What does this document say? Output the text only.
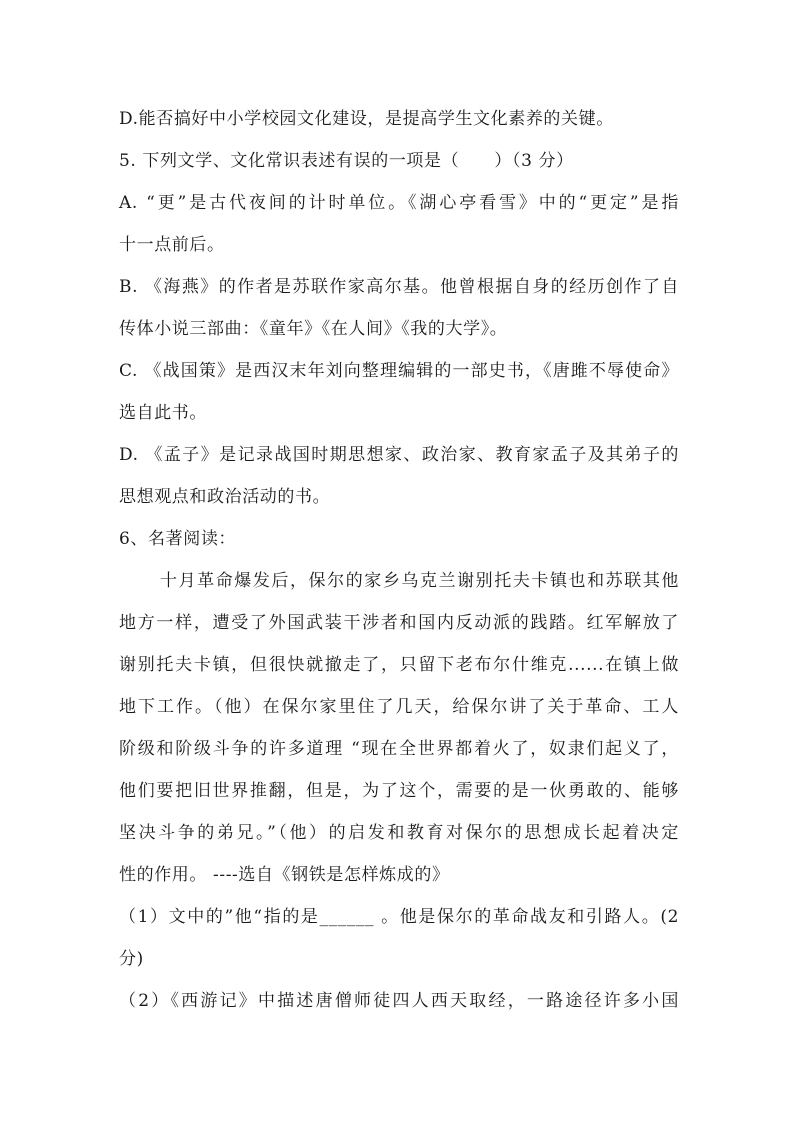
D.能否搞好中小学校园文化建设，是提高学生文化素养的关键。
5. 下列文学、文化常识表述有误的一项是（　　）（3 分）
A. “更”是古代夜间的计时单位。《湖心亭看雪》中的“更定”是指
十一点前后。
B. 《海燕》的作者是苏联作家高尔基。他曾根据自身的经历创作了自
传体小说三部曲：《童年》《在人间》《我的大学》。
C. 《战国策》是西汉末年刘向整理编辑的一部史书，《唐雎不辱使命》
选自此书。
D. 《孟子》是记录战国时期思想家、政治家、教育家孟子及其弟子的
思想观点和政治活动的书。
6、名著阅读：
十月革命爆发后，保尔的家乡乌克兰谢别托夫卡镇也和苏联其他
地方一样，遭受了外国武装干涉者和国内反动派的践踏。红军解放了
谢别托夫卡镇，但很快就撤走了，只留下老布尔什维克......在镇上做
地下工作。（他）在保尔家里住了几天，给保尔讲了关于革命、工人
阶级和阶级斗争的许多道理 “现在全世界都着火了，奴隶们起义了，
他们要把旧世界推翻，但是，为了这个，需要的是一伙勇敢的、能够
坚决斗争的弟兄。”（他）的启发和教育对保尔的思想成长起着决定
性的作用。 ----选自《钢铁是怎样炼成的》
（1）文中的”他“指的是______ 。他是保尔的革命战友和引路人。(2
分)
（2）《西游记》中描述唐僧师徒四人西天取经，一路途径许多小国
